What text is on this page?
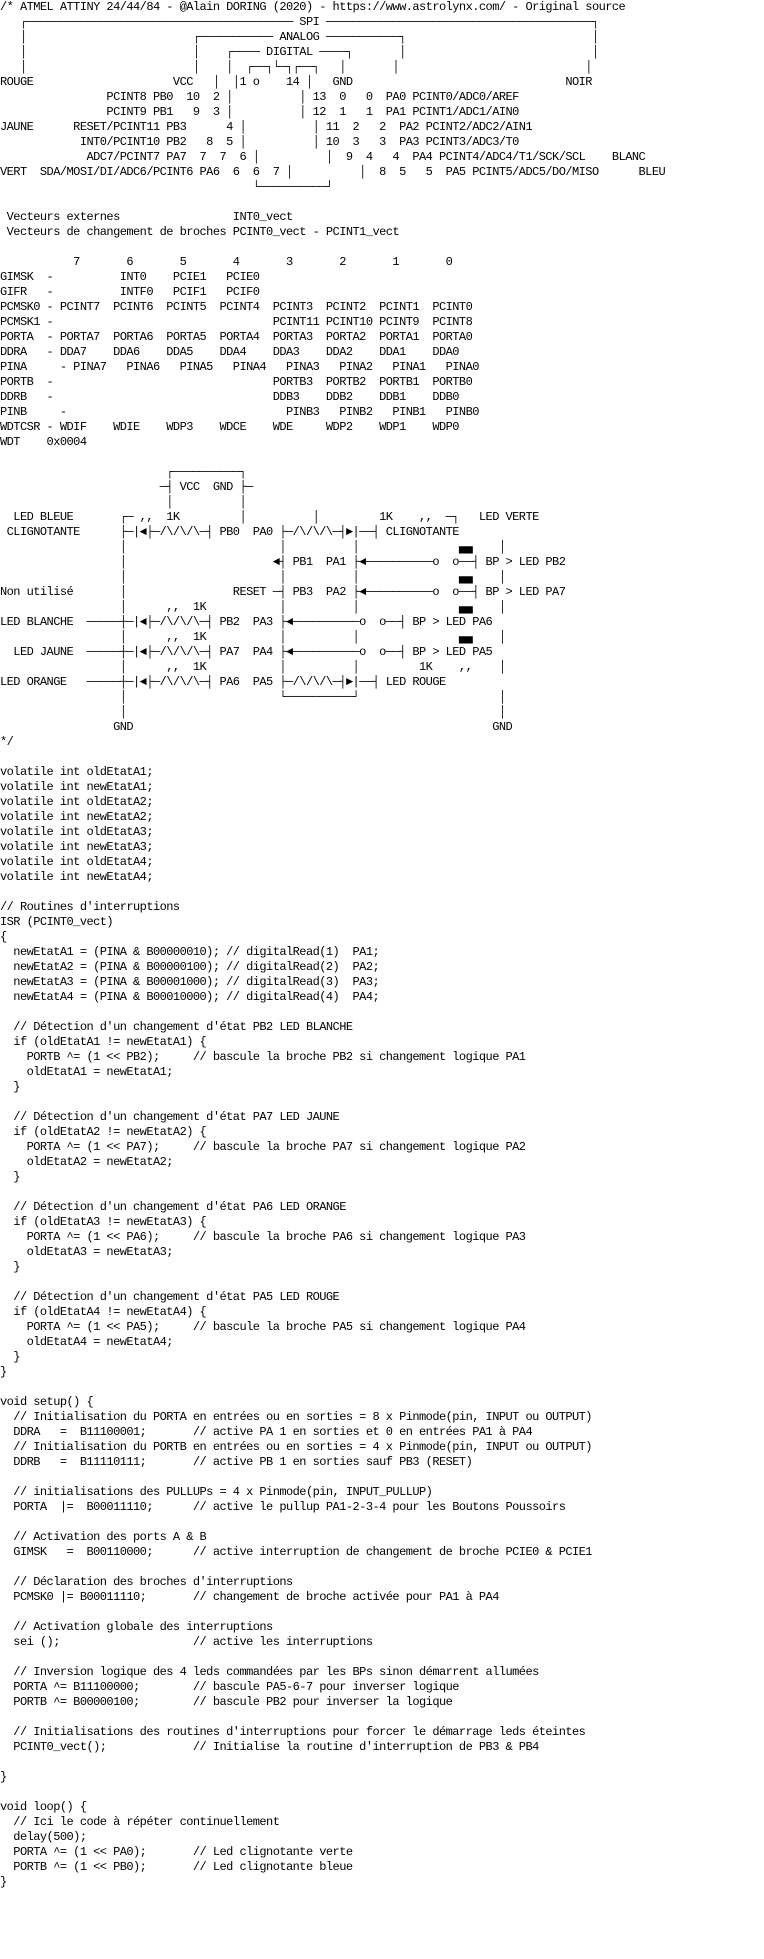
/* ATMEL ATTINY 24/44/84 - @Alain DORING (2020) - https://www.astrolynx.com/ - Original source
┌──────────────────────────────────────── SPI ────────────────────────────────────────┐
│                         ┌─────────── ANALOG ───────────┐                            │
│                         │    ┌──── DIGITAL ────┐       │                            │
│                         │    │  ┌──┐└─┐┌──┐   │       │                            │
ROUGE                     VCC   │  │1 o    14 │   GND                                NOIR
PCINT8 PB0  10  2 │          │ 13  0   0  PA0 PCINT0/ADC0/AREF
PCINT9 PB1   9  3 │          │ 12  1   1  PA1 PCINT1/ADC1/AIN0
JAUNE      RESET/PCINT11 PB3      4 │          │ 11  2   2  PA2 PCINT2/ADC2/AIN1
INT0/PCINT10 PB2   8  5 │          │ 10  3   3  PA3 PCINT3/ADC3/T0
ADC7/PCINT7 PA7  7  7  6 │          │  9  4   4  PA4 PCINT4/ADC4/T1/SCK/SCL    BLANC
VERT  SDA/MOSI/DI/ADC6/PCINT6 PA6  6  6  7 │          │  8  5   5  PA5 PCINT5/ADC5/DO/MISO      BLEU
└──────────┘
Vecteurs externes                 INT0_vect
Vecteurs de changement de broches PCINT0_vect - PCINT1_vect
7       6       5       4       3       2       1       0
GIMSK  -          INT0    PCIE1   PCIE0
GIFR   -          INTF0   PCIF1   PCIF0
PCMSK0 - PCINT7  PCINT6  PCINT5  PCINT4  PCINT3  PCINT2  PCINT1  PCINT0
PCMSK1 -                                 PCINT11 PCINT10 PCINT9  PCINT8
PORTA  - PORTA7  PORTA6  PORTA5  PORTA4  PORTA3  PORTA2  PORTA1  PORTA0
DDRA   - DDA7    DDA6    DDA5    DDA4    DDA3    DDA2    DDA1    DDA0
PINA     - PINA7   PINA6   PINA5   PINA4   PINA3   PINA2   PINA1   PINA0
PORTB  -                                 PORTB3  PORTB2  PORTB1  PORTB0
DDRB   -                                 DDB3    DDB2    DDB1    DDB0
PINB     -                                 PINB3   PINB2   PINB1   PINB0
WDTCSR - WDIF    WDIE    WDP3    WDCE    WDE     WDP2    WDP1    WDP0
WDT    0x0004
┌──────────┐
─┤ VCC  GND ├─
│          │
LED BLEUE       ┌─ ,,  1K         │          │         1K    ,,  ─┐   LED VERTE
CLIGNOTANTE      ├─|◄├─/\/\/\─┤ PB0  PA0 ├─/\/\/\─┤►|──┤ CLIGNOTANTE
│                       │          │               ▄▄    │
│                      ◄┤ PB1  PA1 ├◄──────────o  o──┤ BP > LED PB2
│                       │          │               ▄▄    │
Non utilisé       │                RESET ─┤ PB3  PA2 ├◄──────────o  o──┤ BP > LED PA7
│      ,,  1K           │          │               ▄▄    │
LED BLANCHE  ─────┼─|◄├─/\/\/\─┤ PB2  PA3 ├◄──────────o  o──┤ BP > LED PA6
│      ,,  1K           │          │               ▄▄    │
LED JAUNE  ─────┼─|◄├─/\/\/\─┤ PA7  PA4 ├◄──────────o  o──┤ BP > LED PA5
│      ,,  1K           │          │         1K    ,,    │
LED ORANGE   ─────┼─|◄├─/\/\/\─┤ PA6  PA5 ├─/\/\/\─┤►|──┤ LED ROUGE
│                       └──────────┘                     │
│                                                        │
GND                                                      GND
*/
volatile int oldEtatA1;
volatile int newEtatA1;
volatile int oldEtatA2;
volatile int newEtatA2;
volatile int oldEtatA3;
volatile int newEtatA3;
volatile int oldEtatA4;
volatile int newEtatA4;
// Routines d'interruptions
ISR (PCINT0_vect)
{
newEtatA1 = (PINA & B00000010); // digitalRead(1)  PA1;
newEtatA2 = (PINA & B00000100); // digitalRead(2)  PA2;
newEtatA3 = (PINA & B00001000); // digitalRead(3)  PA3;
newEtatA4 = (PINA & B00010000); // digitalRead(4)  PA4;
// Détection d'un changement d'état PB2 LED BLANCHE
if (oldEtatA1 != newEtatA1) {
PORTB ^= (1 << PB2);     // bascule la broche PB2 si changement logique PA1
oldEtatA1 = newEtatA1;
}
// Détection d'un changement d'état PA7 LED JAUNE
if (oldEtatA2 != newEtatA2) {
PORTA ^= (1 << PA7);     // bascule la broche PA7 si changement logique PA2
oldEtatA2 = newEtatA2;
}
// Détection d'un changement d'état PA6 LED ORANGE
if (oldEtatA3 != newEtatA3) {
PORTA ^= (1 << PA6);     // bascule la broche PA6 si changement logique PA3
oldEtatA3 = newEtatA3;
}
// Détection d'un changement d'état PA5 LED ROUGE
if (oldEtatA4 != newEtatA4) {
PORTA ^= (1 << PA5);     // bascule la broche PA5 si changement logique PA4
oldEtatA4 = newEtatA4;
}
}
void setup() {
// Initialisation du PORTA en entrées ou en sorties = 8 x Pinmode(pin, INPUT ou OUTPUT)
DDRA   =  B11100001;       // active PA 1 en sorties et 0 en entrées PA1 à PA4
// Initialisation du PORTB en entrées ou en sorties = 4 x Pinmode(pin, INPUT ou OUTPUT)
DDRB   =  B11110111;       // active PB 1 en sorties sauf PB3 (RESET)
// initialisations des PULLUPs = 4 x Pinmode(pin, INPUT_PULLUP)
PORTA  |=  B00011110;      // active le pullup PA1-2-3-4 pour les Boutons Poussoirs
// Activation des ports A & B
GIMSK   =  B00110000;      // active interruption de changement de broche PCIE0 & PCIE1
// Déclaration des broches d'interruptions
PCMSK0 |= B00011110;       // changement de broche activée pour PA1 à PA4
// Activation globale des interruptions
sei ();                    // active les interruptions
// Inversion logique des 4 leds commandées par les BPs sinon démarrent allumées
PORTA ^= B11100000;        // bascule PA5-6-7 pour inverser logique
PORTB ^= B00000100;        // bascule PB2 pour inverser la logique
// Initialisations des routines d'interruptions pour forcer le démarrage leds éteintes
PCINT0_vect();             // Initialise la routine d'interruption de PB3 & PB4
}
void loop() {
// Ici le code à répéter continuellement
delay(500);
PORTA ^= (1 << PA0);       // Led clignotante verte
PORTB ^= (1 << PB0);       // Led clignotante bleue
}
